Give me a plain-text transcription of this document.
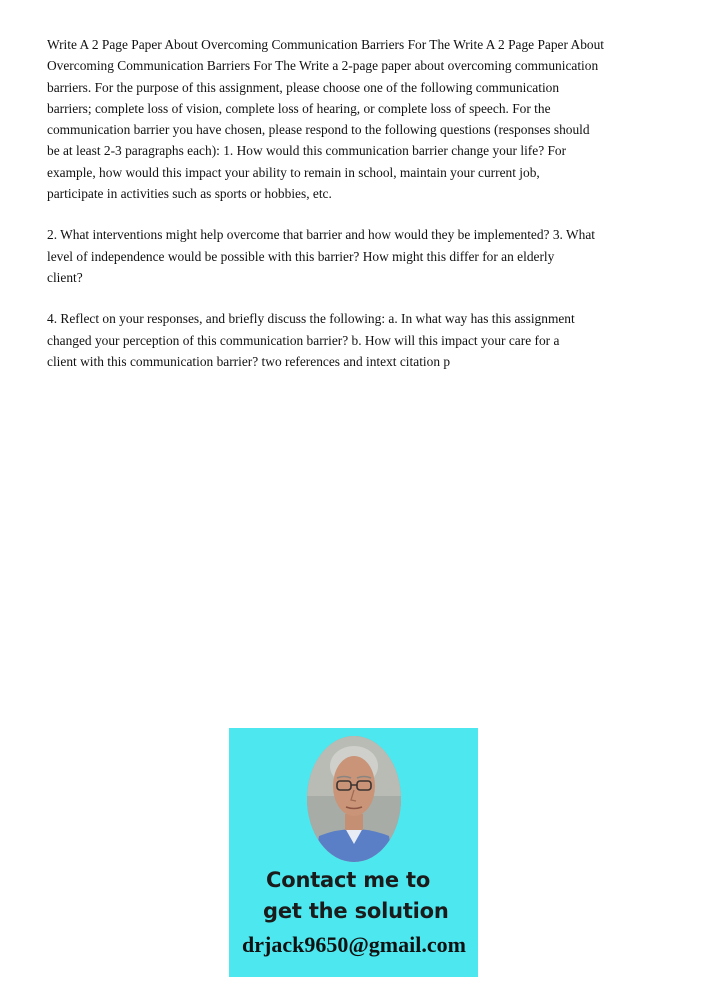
Write A 2 Page Paper About Overcoming Communication Barriers For The Write A 2 Page Paper About
Overcoming Communication Barriers For The Write a 2-page paper about overcoming communication
barriers. For the purpose of this assignment, please choose one of the following communication
barriers; complete loss of vision, complete loss of hearing, or complete loss of speech. For the
communication barrier you have chosen, please respond to the following questions (responses should
be at least 2-3 paragraphs each): 1. How would this communication barrier change your life? For
example, how would this impact your ability to remain in school, maintain your current job,
participate in activities such as sports or hobbies, etc.

2. What interventions might help overcome that barrier and how would they be implemented? 3. What
level of independence would be possible with this barrier? How might this differ for an elderly
client?

4. Reflect on your responses, and briefly discuss the following: a. In what way has this assignment
changed your perception of this communication barrier? b. How will this impact your care for a
client with this communication barrier? two references and intext citation p

Contact me to
get the solution
drjack9650@gmail.com
